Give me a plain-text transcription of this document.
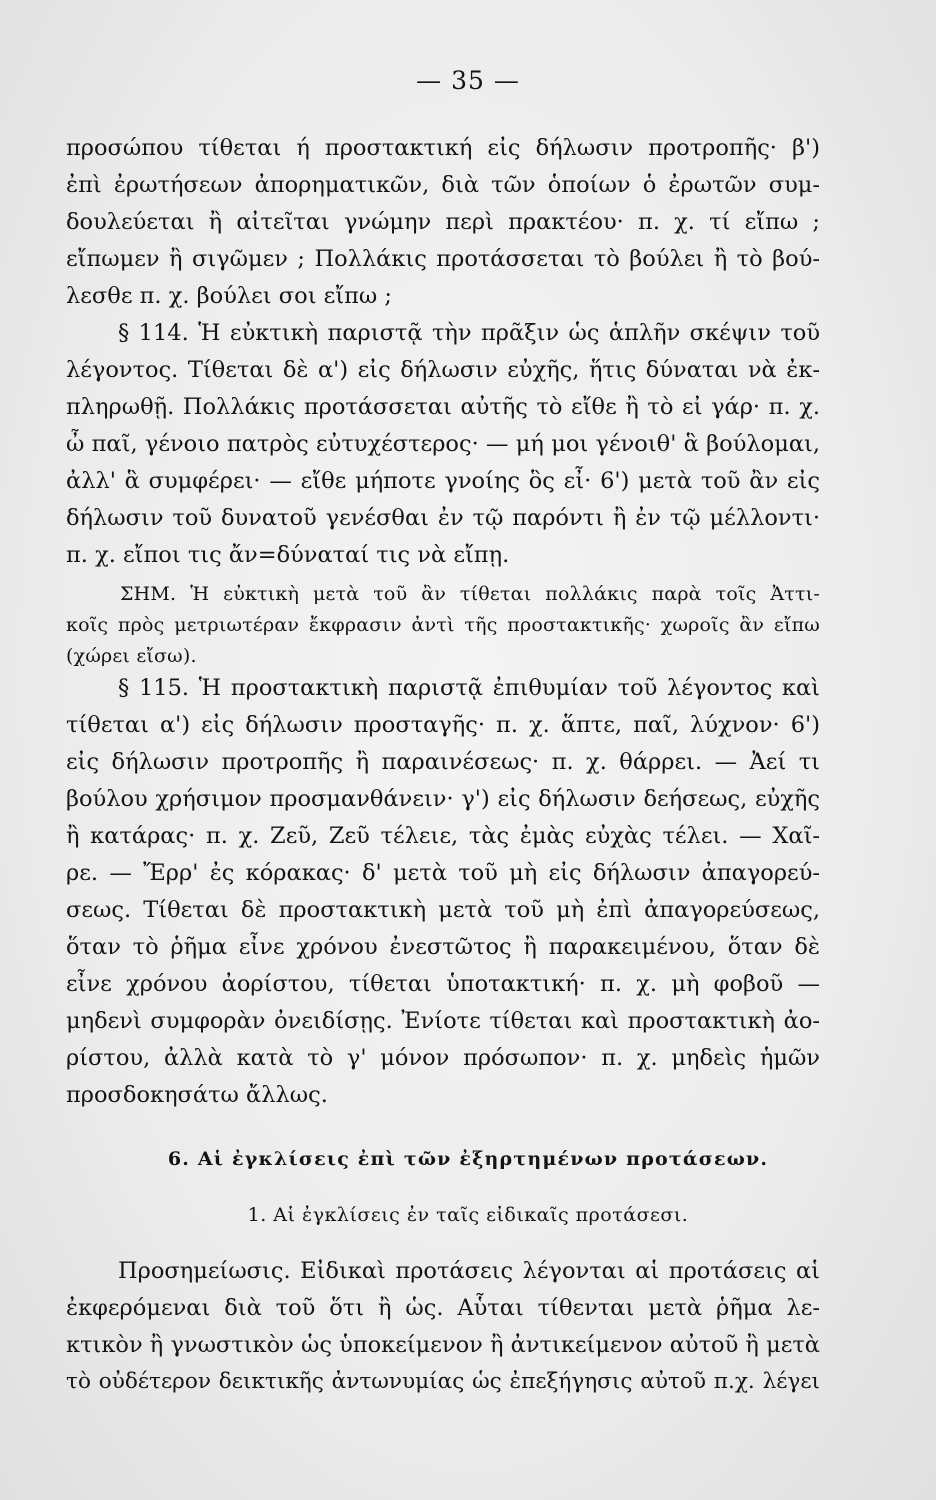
— 35 —
προσώπου τίθεται ή προστακτική εἰς δήλωσιν προτροπῆς· β')
ἐπὶ ἐρωτήσεων ἀπορηματικῶν, διὰ τῶν ὁποίων ὁ ἐρωτῶν συμ-
δουλεύεται ἢ αἰτεῖται γνώμην περὶ πρακτέου· π. χ. τί εἴπω ;
εἴπωμεν ἢ σιγῶμεν ; Πολλάκις προτάσσεται τὸ βούλει ἢ τὸ βού-
λεσθε π. χ. βούλει σοι εἴπω ;
§ 114. Ἡ εὐκτικὴ παριστᾷ τὴν πρᾶξιν ὡς ἁπλῆν σκέψιν τοῦ
λέγοντος. Τίθεται δὲ α') εἰς δήλωσιν εὐχῆς, ἥτις δύναται νὰ ἐκ-
πληρωθῇ. Πολλάκις προτάσσεται αὐτῆς τὸ εἴθε ἢ τὸ εἰ γάρ· π. χ.
ὦ παῖ, γένοιο πατρὸς εὐτυχέστερος· — μή μοι γένοιθ' ἃ βούλομαι,
ἀλλ' ἃ συμφέρει· — εἴθε μήποτε γνοίης ὃς εἶ· 6') μετὰ τοῦ ἂν εἰς
δήλωσιν τοῦ δυνατοῦ γενέσθαι ἐν τῷ παρόντι ἢ ἐν τῷ μέλλοντι·
π. χ. εἴποι τις ἄν=δύναταί τις νὰ εἴπῃ.
ΣΗΜ. Ἡ εὐκτικὴ μετὰ τοῦ ἂν τίθεται πολλάκις παρὰ τοῖς Ἀττι-
κοῖς πρὸς μετριωτέραν ἔκφρασιν ἀντὶ τῆς προστακτικῆς· χωροῖς ἂν εἴπω
(χώρει εἴσω).
§ 115. Ἡ προστακτικὴ παριστᾷ ἐπιθυμίαν τοῦ λέγοντος καὶ
τίθεται α') εἰς δήλωσιν προσταγῆς· π. χ. ἅπτε, παῖ, λύχνον· 6')
εἰς δήλωσιν προτροπῆς ἢ παραινέσεως· π. χ. θάρρει. — Ἀεί τι
βούλου χρήσιμον προσμανθάνειν· γ') εἰς δήλωσιν δεήσεως, εὐχῆς
ἢ κατάρας· π. χ. Ζεῦ, Ζεῦ τέλειε, τὰς ἐμὰς εὐχὰς τέλει. — Χαῖ-
ρε. — Ἔρρ' ἐς κόρακας· δ' μετὰ τοῦ μὴ εἰς δήλωσιν ἀπαγορεύ-
σεως. Τίθεται δὲ προστακτικὴ μετὰ τοῦ μὴ ἐπὶ ἀπαγορεύσεως,
ὅταν τὸ ῥῆμα εἶνε χρόνου ἐνεστῶτος ἢ παρακειμένου, ὅταν δὲ
εἶνε χρόνου ἀορίστου, τίθεται ὑποτακτική· π. χ. μὴ φοβοῦ —
μηδενὶ συμφορὰν ὀνειδίσῃς. Ἐνίοτε τίθεται καὶ προστακτικὴ ἀο-
ρίστου, ἀλλὰ κατὰ τὸ γ' μόνον πρόσωπον· π. χ. μηδεὶς ἡμῶν
προσδοκησάτω ἄλλως.
6. Αἱ ἐγκλίσεις ἐπὶ τῶν ἐξηρτημένων προτάσεων.
1. Αἱ ἐγκλίσεις ἐν ταῖς εἰδικαῖς προτάσεσι.
Προσημείωσις. Εἰδικαὶ προτάσεις λέγονται αἱ προτάσεις αἱ
ἐκφερόμεναι διὰ τοῦ ὅτι ἢ ὡς. Αὗται τίθενται μετὰ ῥῆμα λε-
κτικὸν ἢ γνωστικὸν ὡς ὑποκείμενον ἢ ἀντικείμενον αὐτοῦ ἢ μετὰ
τὸ οὐδέτερον δεικτικῆς ἀντωνυμίας ὡς ἐπεξήγησις αὐτοῦ π.χ. λέγει
